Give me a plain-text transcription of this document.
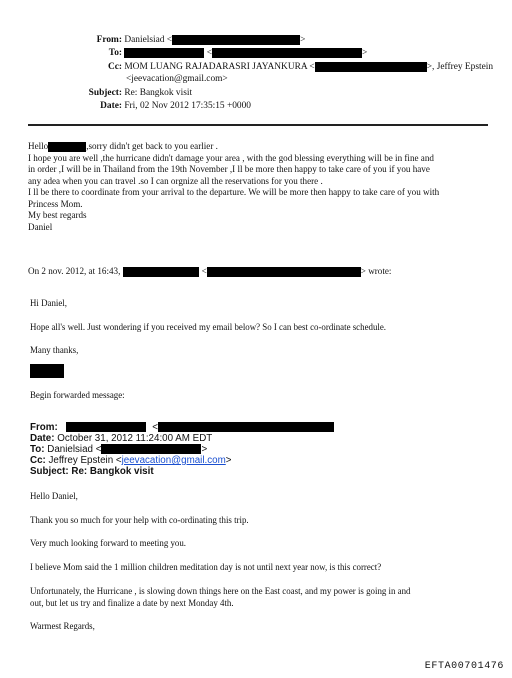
From: Danielsiad <	>
To:	<	>
Cc: MOM LUANG RAJADARASRI JAYANKURA <	>, Jeffrey Epstein
<jeevacation@gmail.com>
Subject: Re: Bangkok visit
Date: Fri, 02 Nov 2012 17:35:15 +0000
Hello	,sorry didn't get back to you earlier .
I hope you are well ,the hurricane didn't damage your area , with the god blessing everything will be in fine and
in order ,I will be in Thailand from the 19th November ,I ll be more then happy to take care of you if you have
any adea when you can travel .so I can orgnize all the reservations for you there .
I ll be there to coordinate from your arrival to the departure. We will be more then happy to take care of you with
Princess Mom.
My best regards
Daniel
On 2 nov. 2012, at 16:43,	<	> wrote:
Hi Daniel,
Hope all's well. Just wondering if you received my email below? So I can best co-ordinate schedule.
Many thanks,
Begin forwarded message:
From:	<
Date: October 31, 2012 11:24:00 AM EDT
To: Danielsiad <	>
Cc: Jeffrey Epstein <jeevacation@gmail.com>
Subject: Re: Bangkok visit
Hello Daniel,
Thank you so much for your help with co-ordinating this trip.
Very much looking forward to meeting you.
I believe Mom said the 1 million children meditation day is not until next year now, is this correct?
Unfortunately, the Hurricane , is slowing down things here on the East coast, and my power is going in and
out, but let us try and finalize a date by next Monday 4th.
Warmest Regards,
EFTA00701476
